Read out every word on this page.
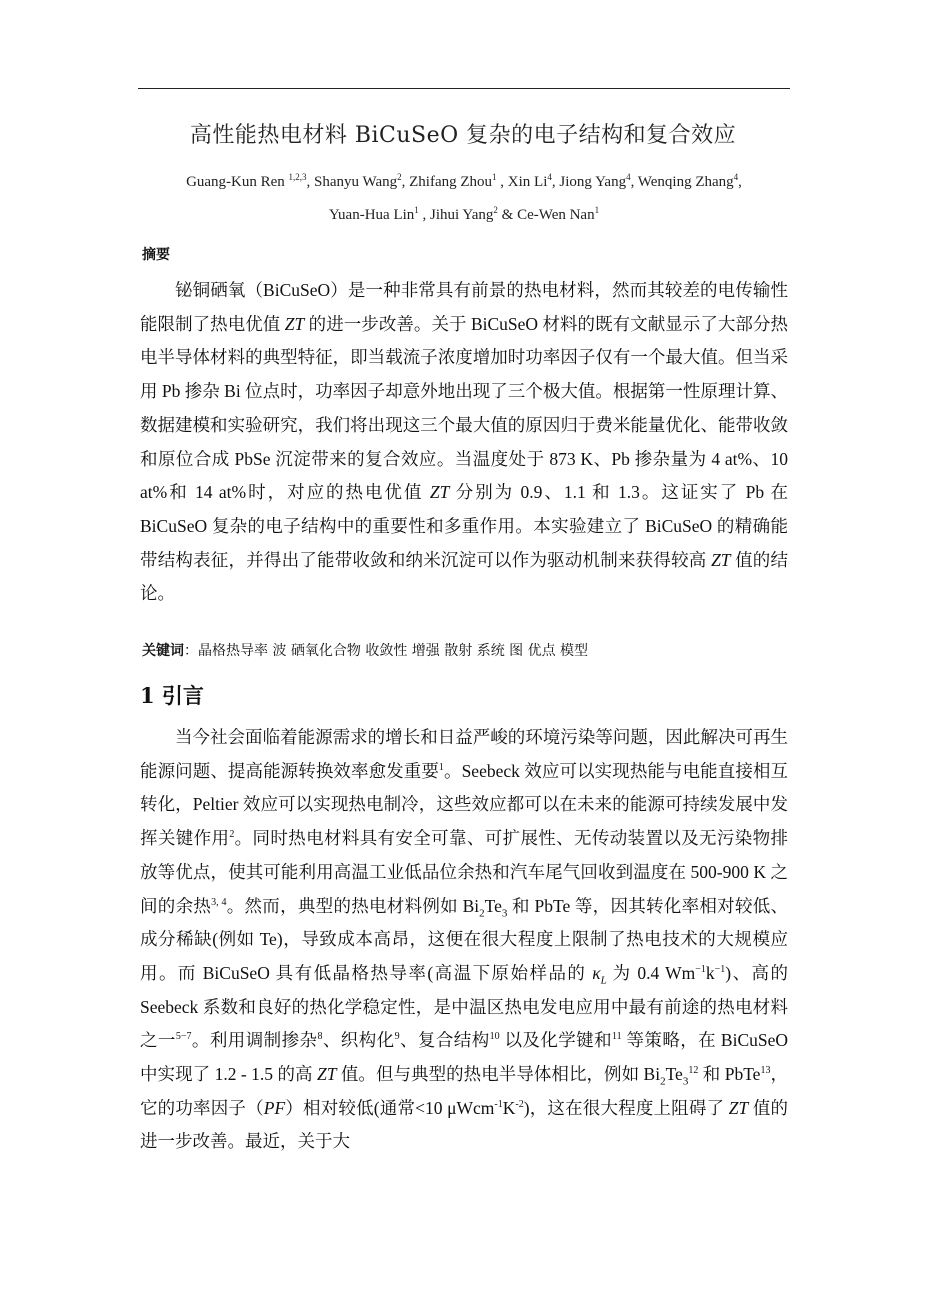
高性能热电材料 BiCuSeO 复杂的电子结构和复合效应
Guang-Kun Ren $^{1,2,3}$, Shanyu Wang$^2$, Zhifang Zhou$^1$ , Xin Li$^4$, Jiong Yang$^4$, Wenqing Zhang$^4$,
Yuan-Hua Lin$^1$ , Jihui Yang$^2$ & Ce-Wen Nan$^1$
摘要
铋铜硒氧（BiCuSeO）是一种非常具有前景的热电材料，然而其较差的电传输性能限制了热电优值 ZT 的进一步改善。关于 BiCuSeO 材料的既有文献显示了大部分热电半导体材料的典型特征，即当载流子浓度增加时功率因子仅有一个最大值。但当采用 Pb 掺杂 Bi 位点时，功率因子却意外地出现了三个极大值。根据第一性原理计算、数据建模和实验研究，我们将出现这三个最大值的原因归于费米能量优化、能带收敛和原位合成 PbSe 沉淀带来的复合效应。当温度处于 873 K、Pb 掺杂量为 4 at%、10 at%和 14 at%时，对应的热电优值 ZT 分别为 0.9、1.1 和 1.3。这证实了 Pb 在 BiCuSeO 复杂的电子结构中的重要性和多重作用。本实验建立了 BiCuSeO 的精确能带结构表征，并得出了能带收敛和纳米沉淀可以作为驱动机制来获得较高 ZT 值的结论。
关键词：晶格热导率 波 硒氧化合物 收敛性 增强 散射 系统 图 优点 模型
1 引言
当今社会面临着能源需求的增长和日益严峻的环境污染等问题，因此解决可再生能源问题、提高能源转换效率愈发重要$^1$。Seebeck 效应可以实现热能与电能直接相互转化，Peltier 效应可以实现热电制冷，这些效应都可以在未来的能源可持续发展中发挥关键作用$^2$。同时热电材料具有安全可靠、可扩展性、无传动装置以及无污染物排放等优点，使其可能利用高温工业低品位余热和汽车尾气回收到温度在 500-900 K 之间的余热$^{3, 4}$。然而，典型的热电材料例如 $Bi_2Te_3$ 和 PbTe 等，因其转化率相对较低、成分稀缺(例如 Te)，导致成本高昂，这便在很大程度上限制了热电技术的大规模应用。而 BiCuSeO 具有低晶格热导率(高温下原始样品的 $\kappa_L$ 为 0.4 $Wm^{-1}k^{-1}$)、高的 Seebeck 系数和良好的热化学稳定性，是中温区热电发电应用中最有前途的热电材料之一$^{5-7}$。利用调制掺杂$^8$、织构化$^9$、复合结构$^{10}$ 以及化学键和$^{11}$ 等策略，在 BiCuSeO 中实现了 1.2 - 1.5 的高 ZT 值。但与典型的热电半导体相比，例如 $Bi_2Te_3^{12}$ 和 PbTe$^{13}$，它的功率因子（PF）相对较低(通常<10 $\mu Wcm^{-1}K^{-2}$)，这在很大程度上阻碍了 ZT 值的进一步改善。最近，关于大
